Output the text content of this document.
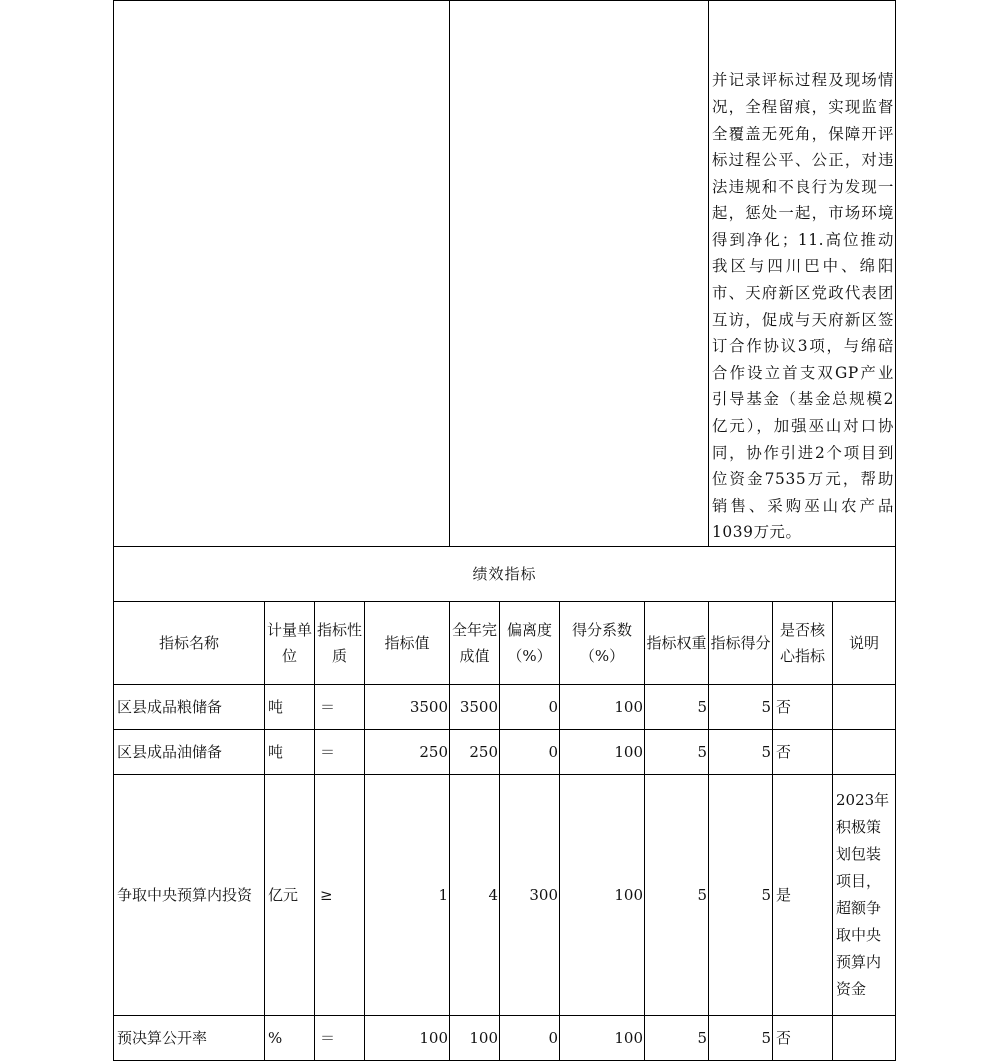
								并记录评标过程及现场情况，全程留痕，实现监督全覆盖无死角，保障开评标过程公平、公正，对违法违规和不良行为发现一起，惩处一起，市场环境得到净化；11.高位推动我区与四川巴中、绵阳市、天府新区党政代表团互访，促成与天府新区签订合作协议3项，与绵碚合作设立首支双GP产业引导基金（基金总规模2亿元），加强巫山对口协同，协作引进2个项目到位资金7535万元，帮助销售、采购巫山农产品1039万元。		
绩效指标										
指标名称	计量单位	指标性质	指标值	全年完成值	偏离度（%）	得分系数（%）	指标权重	指标得分	是否核心指标	说明
区县成品粮储备	吨	＝	3500	3500	0	100	5	5	否	
区县成品油储备	吨	＝	250	250	0	100	5	5	否	
争取中央预算内投资	亿元	≥	1	4	300	100	5	5	是	2023年积极策划包装项目，超额争取中央预算内资金
预决算公开率	%	＝	100	100	0	100	5	5	否	
